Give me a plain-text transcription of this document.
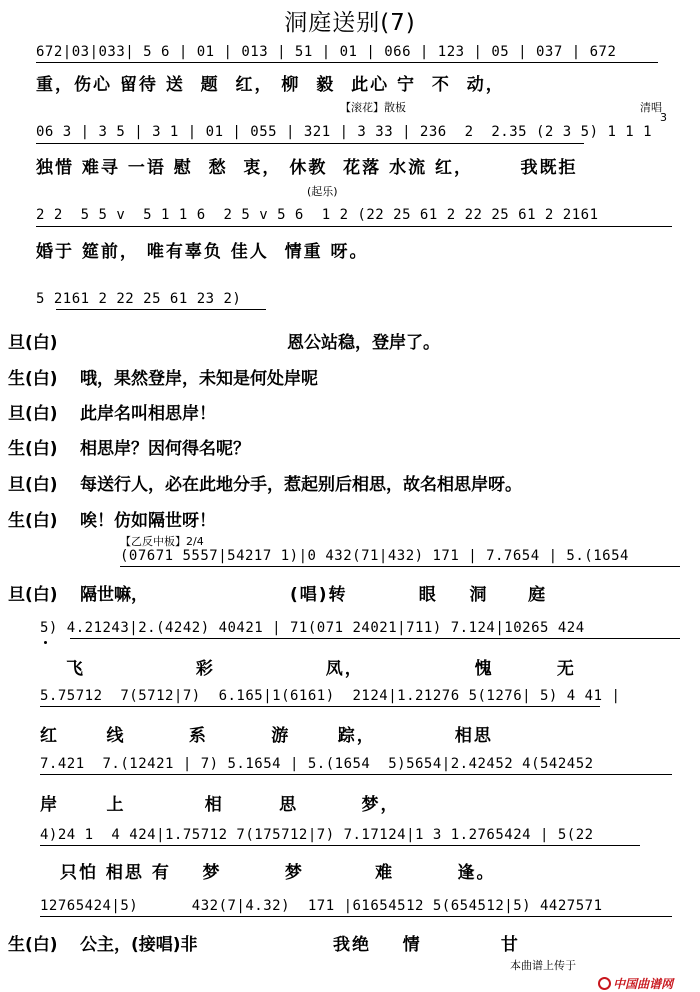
洞庭送别(7)
672|03|033| 5 6 | 01 | 013 | 51 | 01 | 066 | 123 | 05 | 037 | 672
重，伤心 留待 送  题  红， 柳  毅  此心 宁  不  动，
【滚花】散板	清唱
3
06 3 | 3 5 | 3 1 | 01 | 055 | 321 | 3 33 | 236  2  2.35 (2 3 5) 1 1 1
独惜 难寻 一语 慰  愁  衷， 休教  花落 水流 红，      我既拒
(起乐)
2 2  5 5 v  5 1 1 6  2 5 v 5 6  1 2 (22 25 61 2 22 25 61 2 2161
婚于 筵前， 唯有辜负 佳人  情重 呀。
5 2161 2 22 25 61 23 2)
旦(白)	恩公站稳，登岸了。
生(白) 哦，果然登岸，未知是何处岸呢
旦(白) 此岸名叫相思岸！
生(白) 相思岸？因何得名呢？
旦(白) 每送行人，必在此地分手，惹起别后相思，故名相思岸呀。
生(白) 唉！仿如隔世呀！
【乙反中板】2/4
(07671 5557|54217 1)|0 432(71|432) 171 | 7.7654 | 5.(1654
旦(白) 隔世嘛，	(唱)转         眼    洞     庭
5) 4.21243|2.(4242) 40421 | 71(071 24021|711) 7.124|10265 424
飞              彩              凤，              愧        无
5.75712  7(5712|7)  6.165|1(6161)  2124|1.21276 5(1276| 5) 4 41 |
红      线        系        游      踪，          相思
7.421  7.(12421 | 7) 5.1654 | 5.(1654  5)5654|2.42452 4(542452
岸      上          相       思        梦，
4)24 1  4 424|1.75712 7(175712|7) 7.17124|1 3 1.2765424 | 5(22
只怕 相思 有    梦        梦         难        逢。
12765424|5)      432(7|4.32)  171 |61654512 5(654512|5) 4427571
生(白) 公主，(接唱)非	我绝    情          甘
本曲谱上传于

中国曲谱网
